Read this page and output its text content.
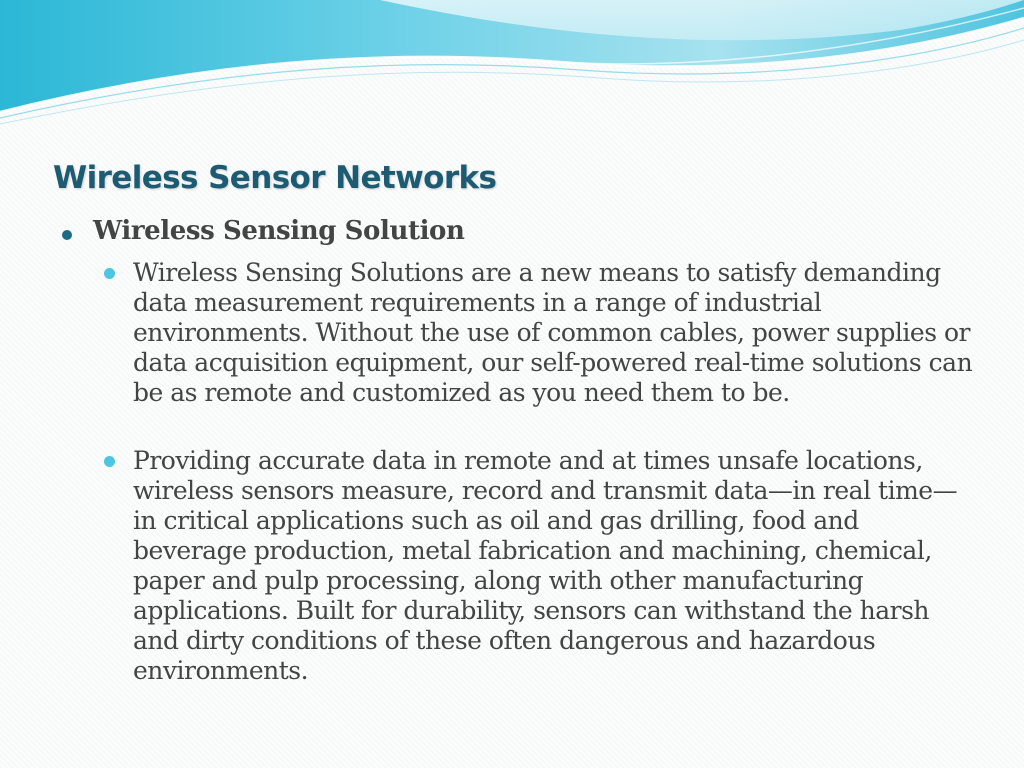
Wireless Sensor Networks
Wireless Sensing Solution
Wireless Sensing Solutions are a new means to satisfy demanding data measurement requirements in a range of industrial environments. Without the use of common cables, power supplies or data acquisition equipment, our self-powered real-time solutions can be as remote and customized as you need them to be.
Providing accurate data in remote and at times unsafe locations, wireless sensors measure, record and transmit data—in real time—in critical applications such as oil and gas drilling, food and beverage production, metal fabrication and machining, chemical, paper and pulp processing, along with other manufacturing applications. Built for durability, sensors can withstand the harsh and dirty conditions of these often dangerous and hazardous environments.
